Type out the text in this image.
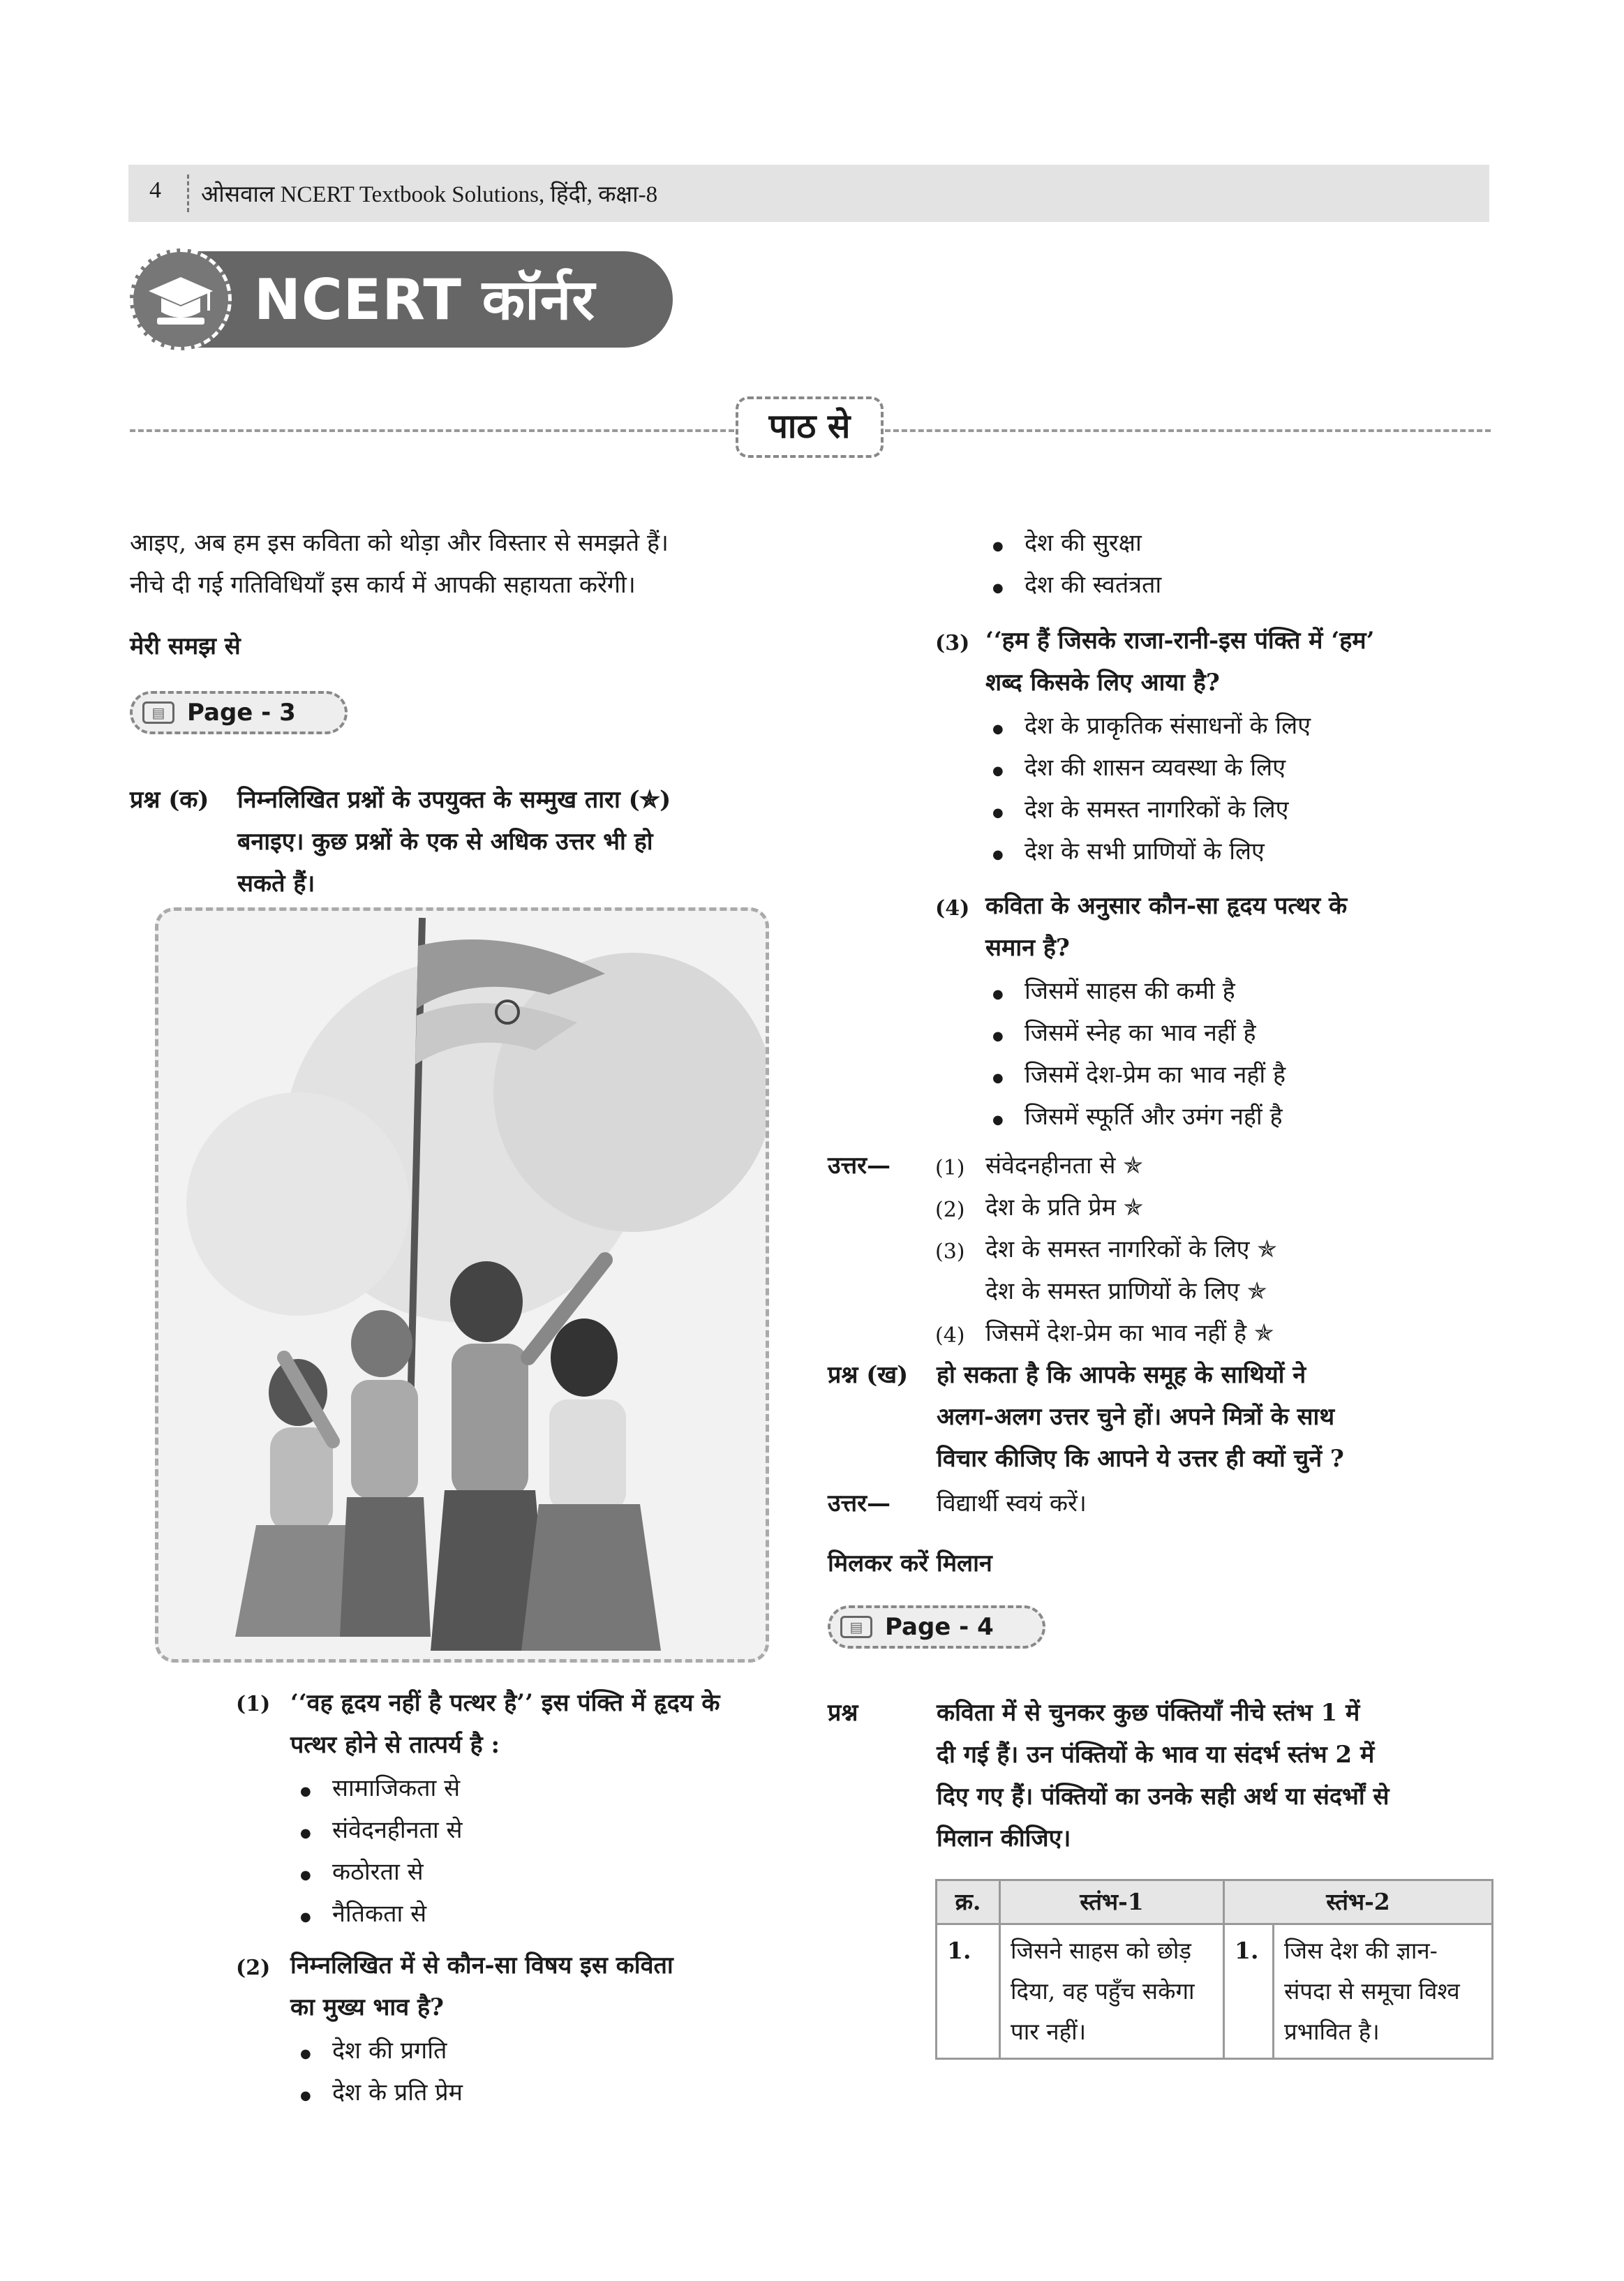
4 ओसवाल NCERT Textbook Solutions, हिंदी, कक्षा-8
NCERT कॉर्नर
पाठ से
आइए, अब हम इस कविता को थोड़ा और विस्तार से समझते हैं।
नीचे दी गई गतिविधियाँ इस कार्य में आपकी सहायता करेंगी।
मेरी समझ से
▤ Page - 3
प्रश्न (क) निम्नलिखित प्रश्नों के उपयुक्त के सम्मुख तारा (✯)
बनाइए। कुछ प्रश्नों के एक से अधिक उत्तर भी हो
सकते हैं।
(1) ‘‘वह हृदय नहीं है पत्थर है’’ इस पंक्ति में हृदय के
पत्थर होने से तात्पर्य है :
● सामाजिकता से
● संवेदनहीनता से
● कठोरता से
● नैतिकता से
(2) निम्नलिखित में से कौन-सा विषय इस कविता
का मुख्य भाव है?
● देश की प्रगति
● देश के प्रति प्रेम
● देश की सुरक्षा
● देश की स्वतंत्रता
(3) ‘‘हम हैं जिसके राजा-रानी-इस पंक्ति में ‘हम’
शब्द किसके लिए आया है?
● देश के प्राकृतिक संसाधनों के लिए
● देश की शासन व्यवस्था के लिए
● देश के समस्त नागरिकों के लिए
● देश के सभी प्राणियों के लिए
(4) कविता के अनुसार कौन-सा हृदय पत्थर के
समान है?
● जिसमें साहस की कमी है
● जिसमें स्नेह का भाव नहीं है
● जिसमें देश-प्रेम का भाव नहीं है
● जिसमें स्फूर्ति और उमंग नहीं है
उत्तर— (1) संवेदनहीनता से ✯
(2) देश के प्रति प्रेम ✯
(3) देश के समस्त नागरिकों के लिए ✯
देश के समस्त प्राणियों के लिए ✯
(4) जिसमें देश-प्रेम का भाव नहीं है ✯
प्रश्न (ख) हो सकता है कि आपके समूह के साथियों ने
अलग-अलग उत्तर चुने हों। अपने मित्रों के साथ
विचार कीजिए कि आपने ये उत्तर ही क्यों चुनें ?
उत्तर— विद्यार्थी स्वयं करें।
मिलकर करें मिलान
▤ Page - 4
प्रश्न	कविता में से चुनकर कुछ पंक्तियाँ नीचे स्तंभ 1 में
दी गई हैं। उन पंक्तियों के भाव या संदर्भ स्तंभ 2 में
दिए गए हैं। पंक्तियों का उनके सही अर्थ या संदर्भों से
मिलान कीजिए।
क्र.	स्तंभ-1	स्तंभ-2	
1.	जिसने साहस को छोड़ दिया, वह पहुँच सकेगा पार नहीं।	1.	जिस देश की ज्ञान-संपदा से समूचा विश्व प्रभावित है।
